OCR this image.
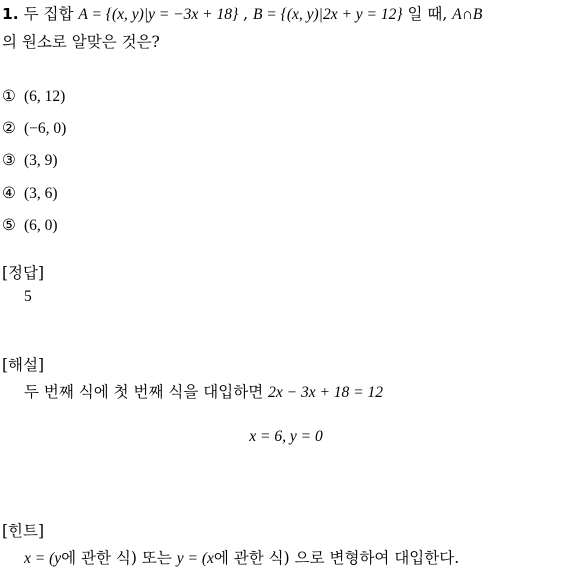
1. 두 집합 A = {(x, y)|y = −3x + 18} , B = {(x, y)|2x + y = 12} 일 때, A∩B
의 원소로 알맞은 것은?
① (6, 12)
② (−6, 0)
③ (3, 9)
④ (3, 6)
⑤ (6, 0)
[정답]
5
[해설]
두 번째 식에 첫 번째 식을 대입하면 2x − 3x + 18 = 12
x = 6, y = 0
[힌트]
x = (y에 관한 식) 또는 y = (x에 관한 식) 으로 변형하여 대입한다.
